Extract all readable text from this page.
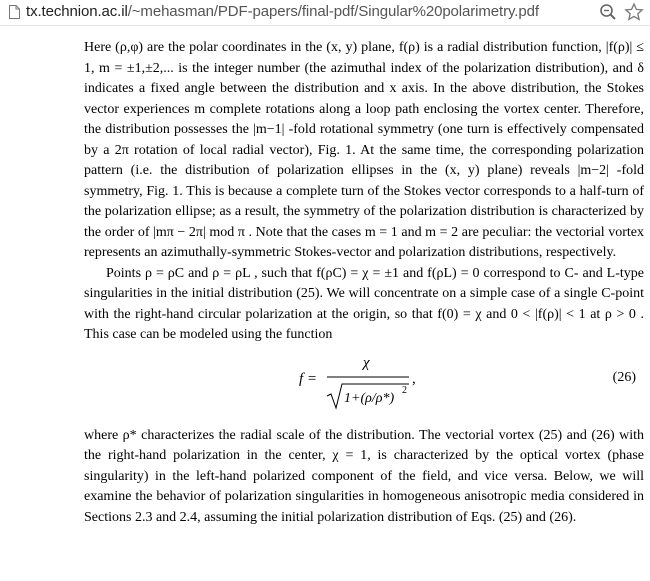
tx.technion.ac.il/~mehasman/PDF-papers/final-pdf/Singular%20polarimetry.pdf

Here (ρ,φ) are the polar coordinates in the (x, y) plane, f(ρ) is a radial distribution function, |f(ρ)| ≤ 1, m = ±1,±2,... is the integer number (the azimuthal index of the polarization distribution), and δ indicates a fixed angle between the distribution and x axis. In the above distribution, the Stokes vector experiences m complete rotations along a loop path enclosing the vortex center. Therefore, the distribution possesses the |m−1| -fold rotational symmetry (one turn is effectively compensated by a 2π rotation of local radial vector), Fig. 1. At the same time, the corresponding polarization pattern (i.e. the distribution of polarization ellipses in the (x, y) plane) reveals |m−2| -fold symmetry, Fig. 1. This is because a complete turn of the Stokes vector corresponds to a half-turn of the polarization ellipse; as a result, the symmetry of the polarization distribution is characterized by the order of |mπ − 2π| mod π . Note that the cases m = 1 and m = 2 are peculiar: the vectorial vortex represents an azimuthally-symmetric Stokes-vector and polarization distributions, respectively.

Points ρ = ρC and ρ = ρL , such that f(ρC) = χ = ±1 and f(ρL) = 0 correspond to C- and L-type singularities in the initial distribution (25). We will concentrate on a simple case of a single C-point with the right-hand circular polarization at the origin, so that f(0) = χ and 0 < |f(ρ)| < 1 at ρ > 0 . This case can be modeled using the function

f =
χ
1+(ρ/ρ*)
2
,	(26)

where ρ* characterizes the radial scale of the distribution. The vectorial vortex (25) and (26) with the right-hand polarization in the center, χ = 1, is characterized by the optical vortex (phase singularity) in the left-hand polarized component of the field, and vice versa. Below, we will examine the behavior of polarization singularities in homogeneous anisotropic media considered in Sections 2.3 and 2.4, assuming the initial polarization distribution of Eqs. (25) and (26).
